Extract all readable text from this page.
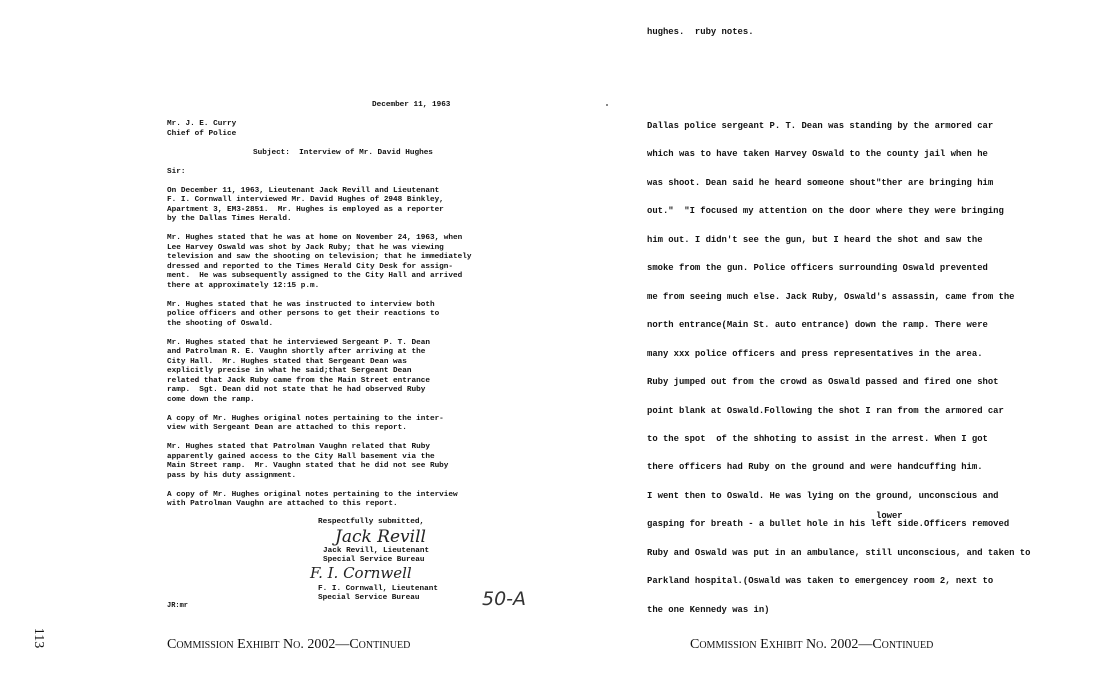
December 11, 1963
Mr. J. E. Curry
Chief of Police
Subject:  Interview of Mr. David Hughes
Sir:
On December 11, 1963, Lieutenant Jack Revill and Lieutenant
F. I. Cornwall interviewed Mr. David Hughes of 2948 Binkley,
Apartment 3, EM3-2851.  Mr. Hughes is employed as a reporter
by the Dallas Times Herald.
Mr. Hughes stated that he was at home on November 24, 1963, when
Lee Harvey Oswald was shot by Jack Ruby; that he was viewing
television and saw the shooting on television; that he immediately
dressed and reported to the Times Herald City Desk for assign-
ment.  He was subsequently assigned to the City Hall and arrived
there at approximately 12:15 p.m.
Mr. Hughes stated that he was instructed to interview both
police officers and other persons to get their reactions to
the shooting of Oswald.
Mr. Hughes stated that he interviewed Sergeant P. T. Dean
and Patrolman R. E. Vaughn shortly after arriving at the
City Hall.  Mr. Hughes stated that Sergeant Dean was
explicitly precise in what he said;that Sergeant Dean
related that Jack Ruby came from the Main Street entrance
ramp.  Sgt. Dean did not state that he had observed Ruby
come down the ramp.
A copy of Mr. Hughes original notes pertaining to the inter-
view with Sergeant Dean are attached to this report.
Mr. Hughes stated that Patrolman Vaughn related that Ruby
apparently gained access to the City Hall basement via the
Main Street ramp.  Mr. Vaughn stated that he did not see Ruby
pass by his duty assignment.
A copy of Mr. Hughes original notes pertaining to the interview
with Patrolman Vaughn are attached to this report.
Respectfully submitted,
Jack Revill, Lieutenant
Special Service Bureau
F. I. Cornwall, Lieutenant
Special Service Bureau
Jack Revill
F. I. Cornwell
JR:mr	50-A
113	Commission Exhibit No. 2002—Continued
hughes.  ruby notes.
lower
Dallas police sergeant P. T. Dean was standing by the armored car
which was to have taken Harvey Oswald to the county jail when he
was shoot. Dean said he heard someone shout"ther are bringing him
out."  "I focused my attention on the door where they were bringing
him out. I didn't see the gun, but I heard the shot and saw the
smoke from the gun. Police officers surrounding Oswald prevented
me from seeing much else. Jack Ruby, Oswald's assassin, came from the
north entrance(Main St. auto entrance) down the ramp. There were
many xxx police officers and press representatives in the area.
Ruby jumped out from the crowd as Oswald passed and fired one shot
point blank at Oswald.Following the shot I ran from the armored car
to the spot  of the shhoting to assist in the arrest. When I got
there officers had Ruby on the ground and were handcuffing him.
I went then to Oswald. He was lying on the ground, unconscious and
gasping for breath - a bullet hole in his left side.Officers removed
Ruby and Oswald was put in an ambulance, still unconscious, and taken to
Parkland hospital.(Oswald was taken to emergencey room 2, next to
the one Kennedy was in)
Commission Exhibit No. 2002—Continued
